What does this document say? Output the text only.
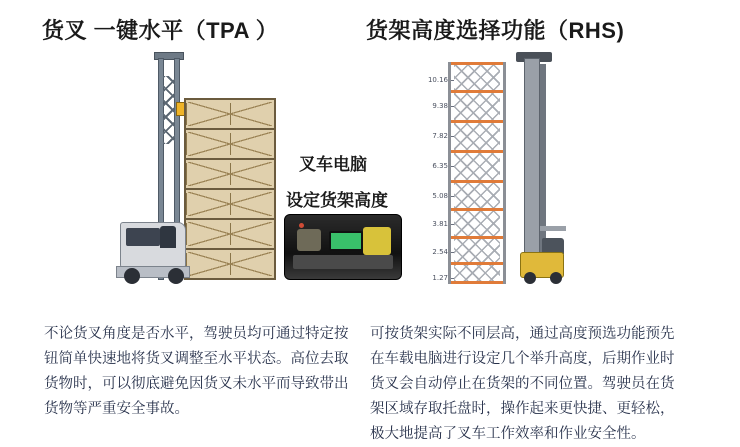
货叉 一键水平（TPA ）	货架高度选择功能（RHS)
叉车电脑
设定货架高度
10.16
9.38
7.82
6.35
5.08
3.81
2.54
1.27
不论货叉角度是否水平，驾驶员均可通过特定按钮简单快速地将货叉调整至水平状态。高位去取货物时，可以彻底避免因货叉未水平而导致带出货物等严重安全事故。
可按货架实际不同层高，通过高度预选功能预先在车载电脑进行设定几个举升高度，后期作业时货叉会自动停止在货架的不同位置。驾驶员在货架区域存取托盘时，操作起来更快捷、更轻松，极大地提高了叉车工作效率和作业安全性。
